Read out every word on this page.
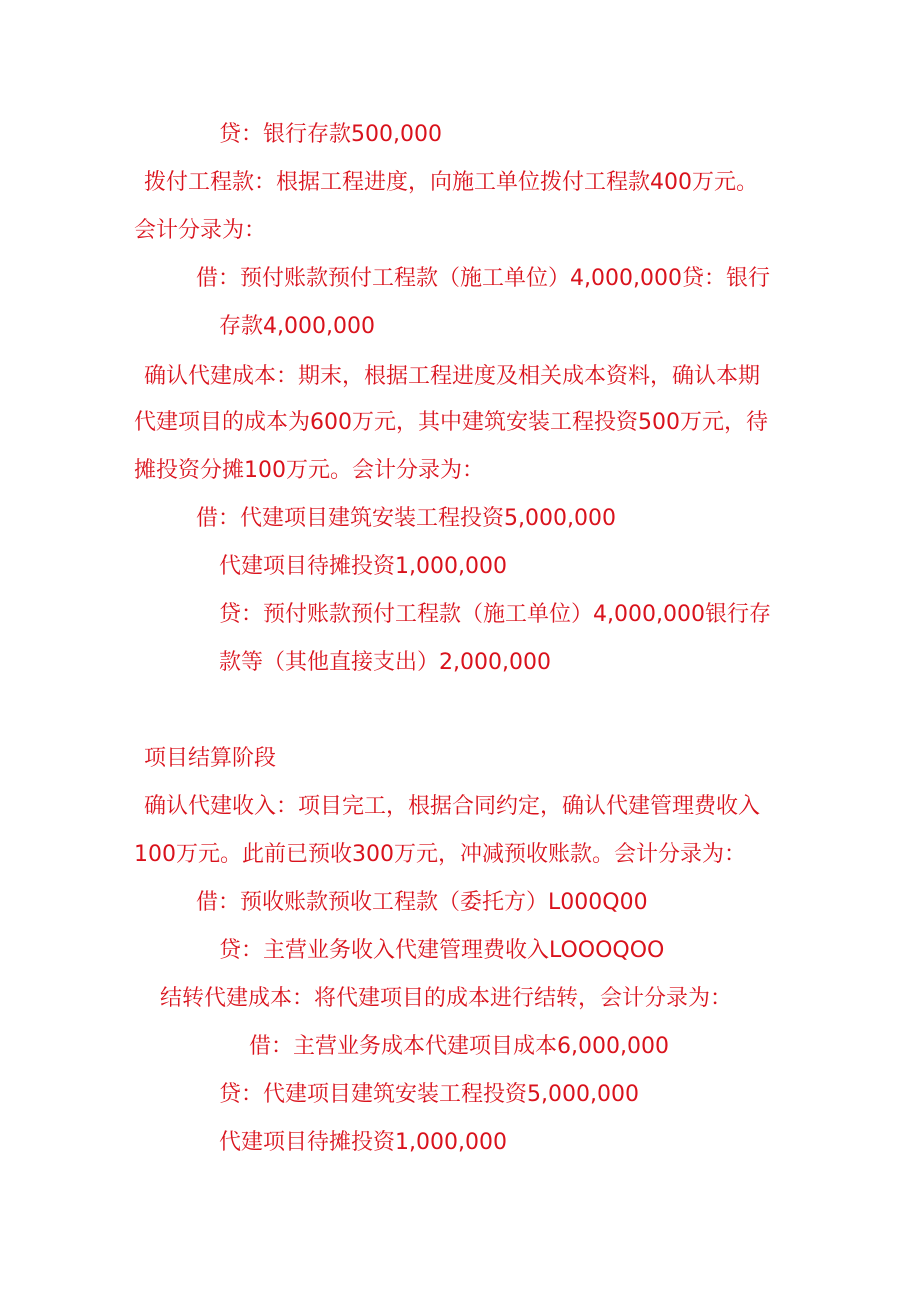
贷：银行存款500,000
拨付工程款：根据工程进度，向施工单位拨付工程款400万元。
会计分录为：
借：预付账款预付工程款（施工单位）4,000,000贷：银行
存款4,000,000
确认代建成本：期末，根据工程进度及相关成本资料，确认本期
代建项目的成本为600万元，其中建筑安装工程投资500万元，待
摊投资分摊100万元。会计分录为：
借：代建项目建筑安装工程投资5,000,000
代建项目待摊投资1,000,000
贷：预付账款预付工程款（施工单位）4,000,000银行存
款等（其他直接支出）2,000,000
项目结算阶段
确认代建收入：项目完工，根据合同约定，确认代建管理费收入
100万元。此前已预收300万元，冲减预收账款。会计分录为：
借：预收账款预收工程款（委托方）L000Q00
贷：主营业务收入代建管理费收入LOOOQOO
结转代建成本：将代建项目的成本进行结转，会计分录为：
借：主营业务成本代建项目成本6,000,000
贷：代建项目建筑安装工程投资5,000,000
代建项目待摊投资1,000,000
